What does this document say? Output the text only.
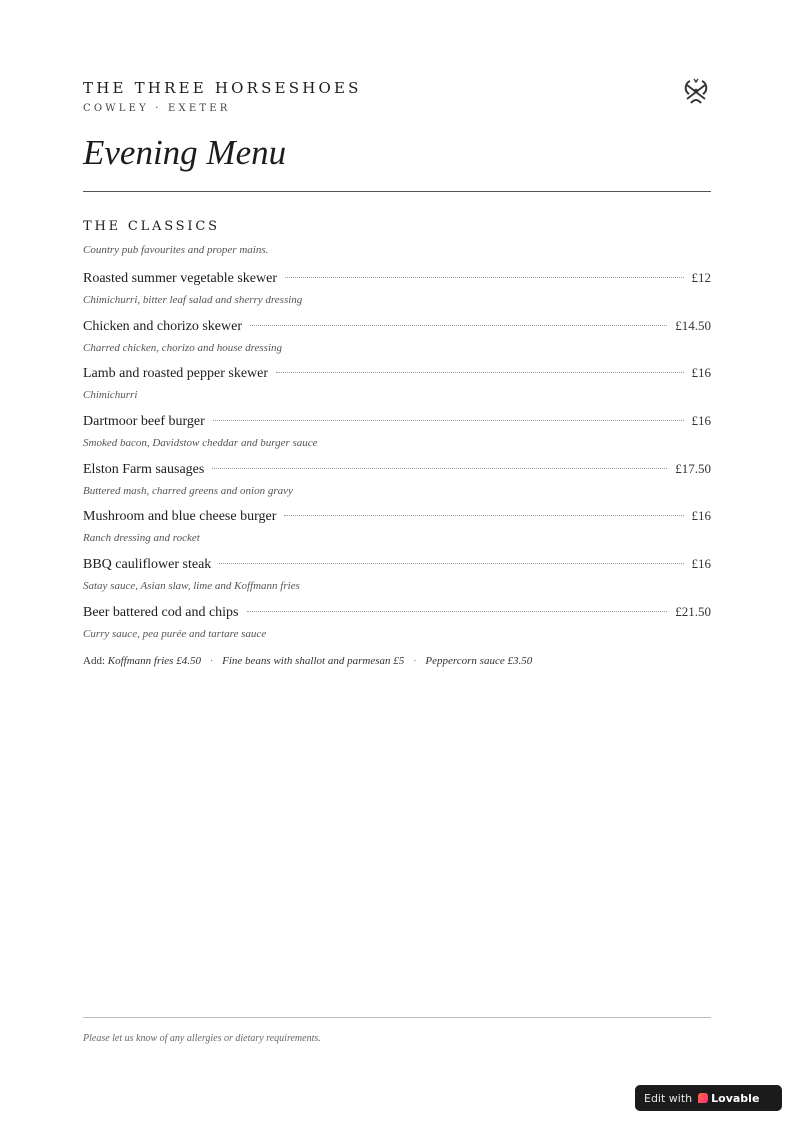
THE THREE HORSESHOES
COWLEY · EXETER
Evening Menu
THE CLASSICS
Country pub favourites and proper mains.
Roasted summer vegetable skewer	£12
Chimichurri, bitter leaf salad and sherry dressing
Chicken and chorizo skewer	£14.50
Charred chicken, chorizo and house dressing
Lamb and roasted pepper skewer	£16
Chimichurri
Dartmoor beef burger	£16
Smoked bacon, Davidstow cheddar and burger sauce
Elston Farm sausages	£17.50
Buttered mash, charred greens and onion gravy
Mushroom and blue cheese burger	£16
Ranch dressing and rocket
BBQ cauliflower steak	£16
Satay sauce, Asian slaw, lime and Koffmann fries
Beer battered cod and chips	£21.50
Curry sauce, pea purée and tartare sauce
Add: Koffmann fries £4.50 · Fine beans with shallot and parmesan £5 · Peppercorn sauce £3.50
Please let us know of any allergies or dietary requirements.
Edit with Lovable
